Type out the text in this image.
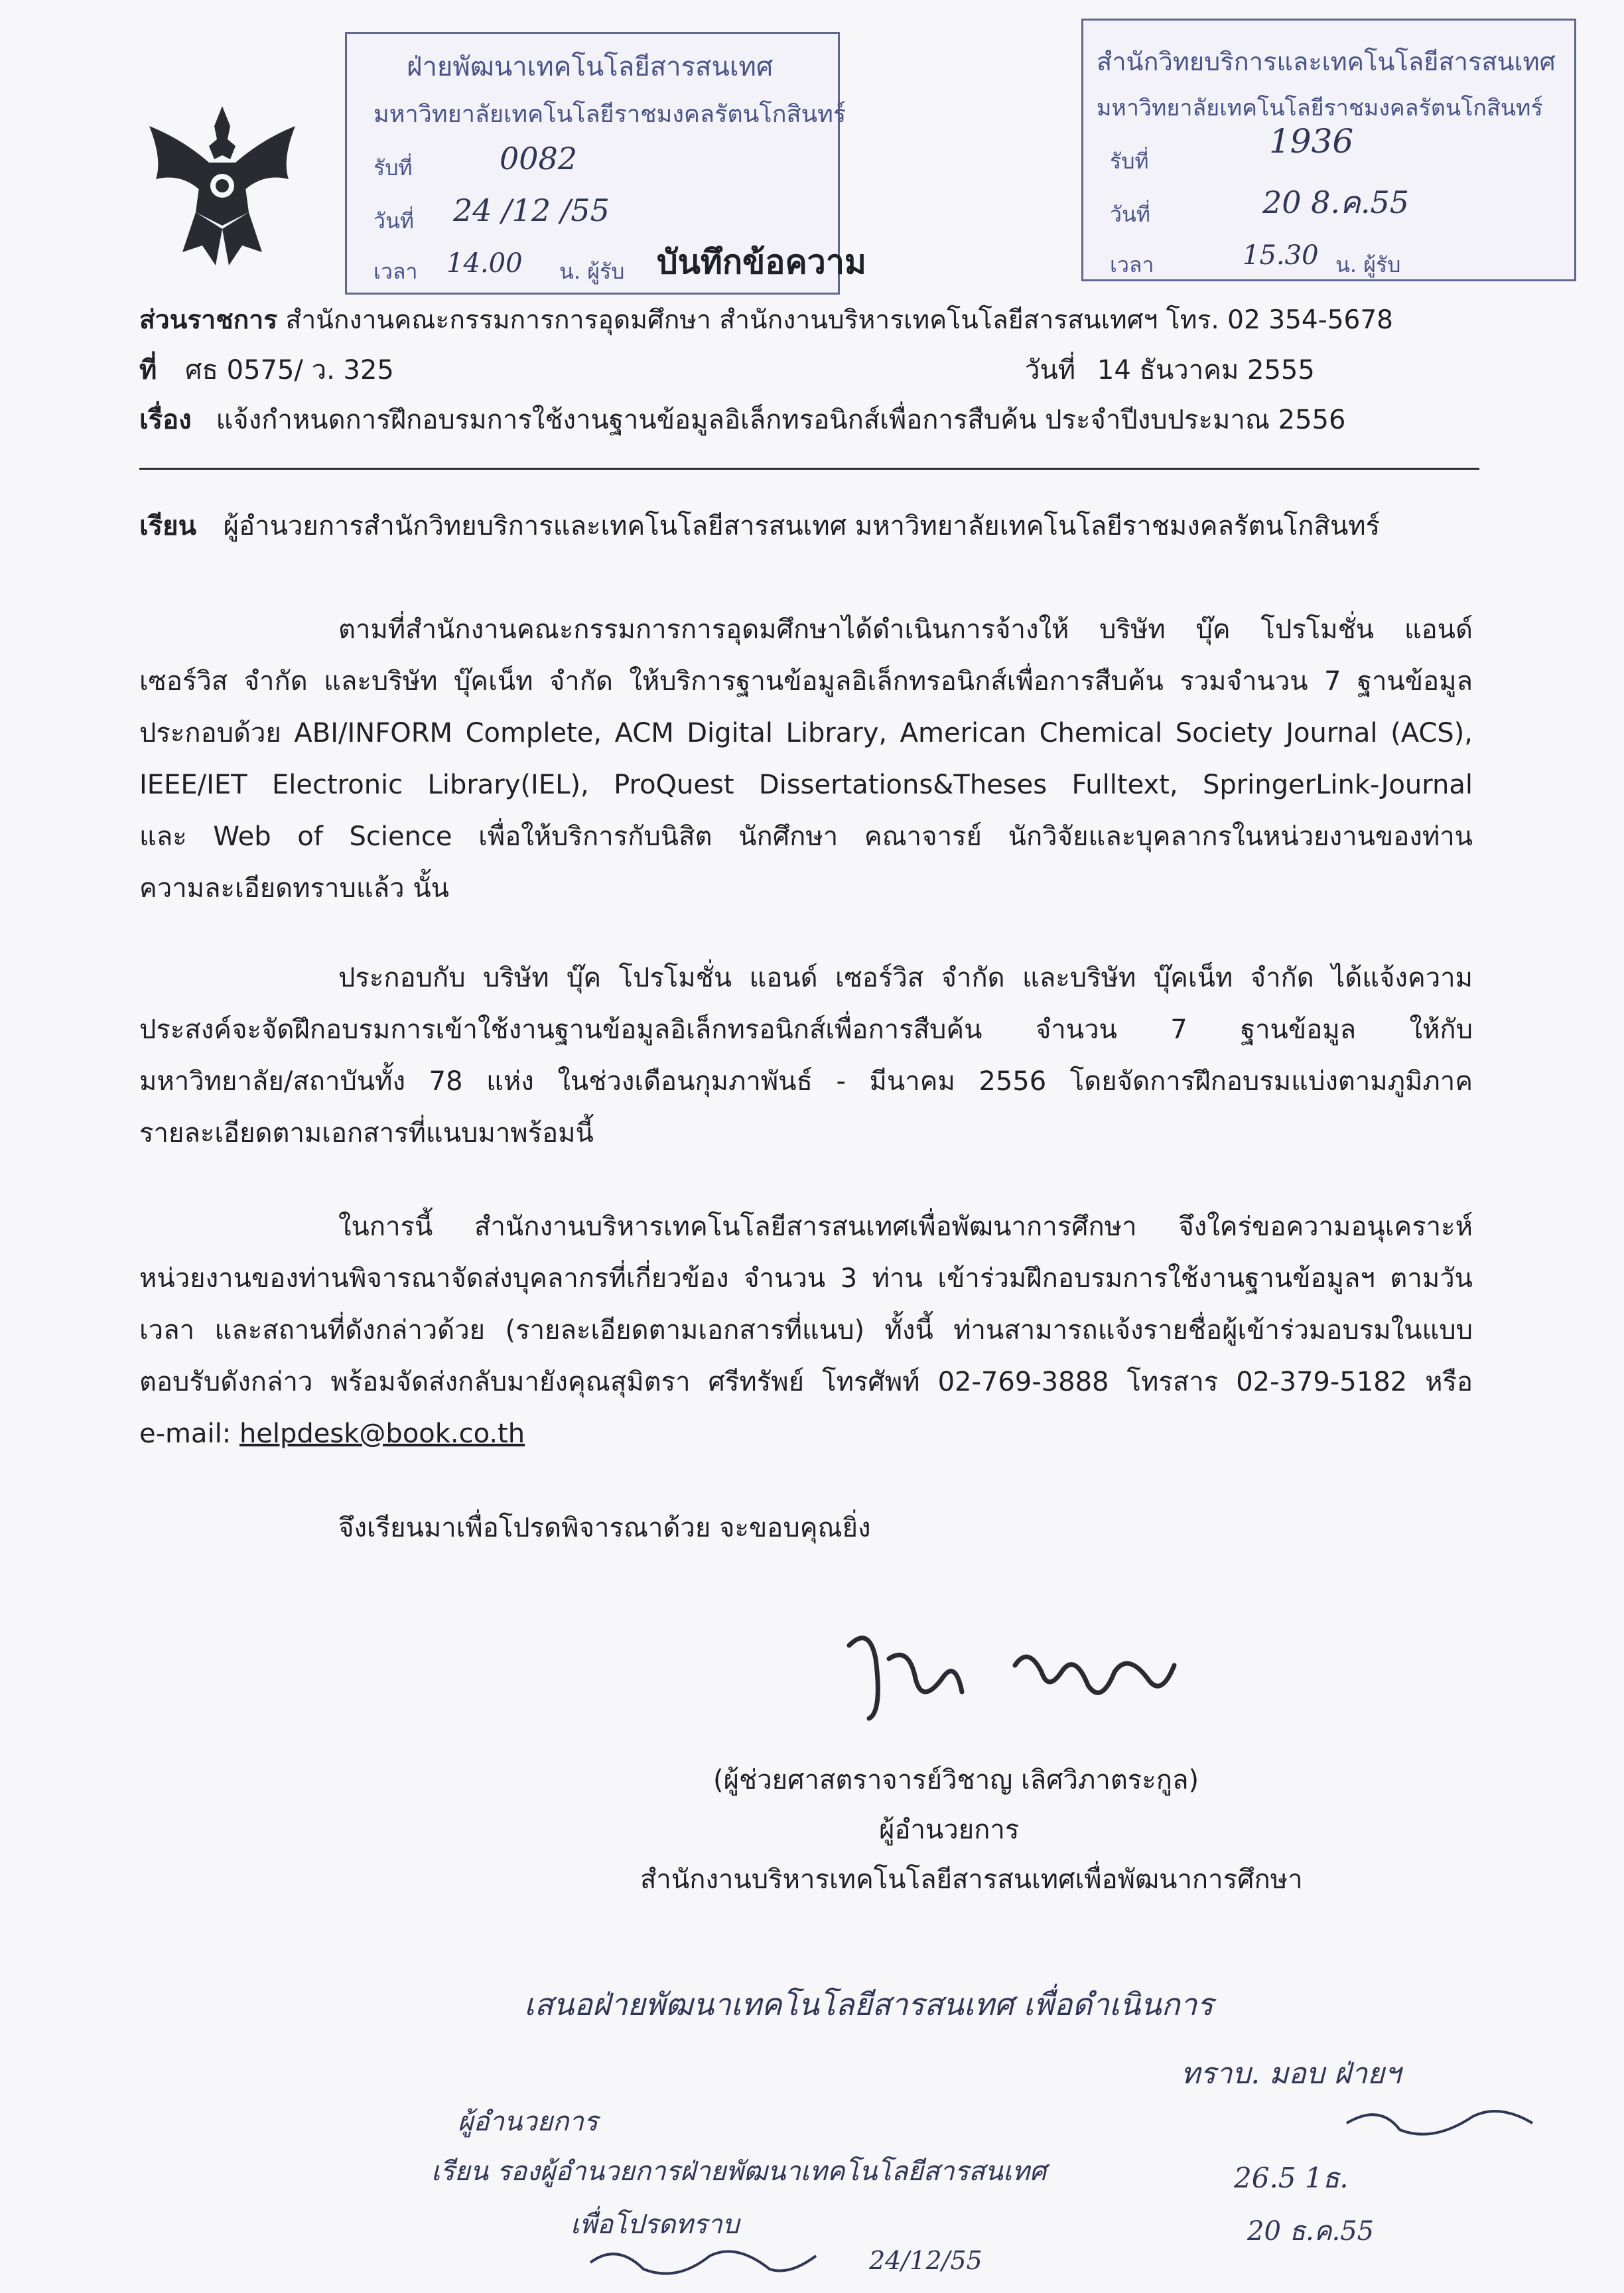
ฝ่ายพัฒนาเทคโนโลยีสารสนเทศ
มหาวิทยาลัยเทคโนโลยีราชมงคลรัตนโกสินทร์
รับที่	0082
วันที่ 24 /12 /55
เวลา 14.00 น. ผู้รับ บันทึกข้อความ
สำนักวิทยบริการและเทคโนโลยีสารสนเทศ
มหาวิทยาลัยเทคโนโลยีราชมงคลรัตนโกสินทร์
รับที่
1936
วันที่	20 8.ค.55
เวลา	15.30 น. ผู้รับ
ส่วนราชการ สำนักงานคณะกรรมการการอุดมศึกษา สำนักงานบริหารเทคโนโลยีสารสนเทศฯ โทร. 02 354-5678
ที่ ศธ 0575/ ว. 325	วันที่ 14 ธันวาคม 2555
เรื่อง แจ้งกำหนดการฝึกอบรมการใช้งานฐานข้อมูลอิเล็กทรอนิกส์เพื่อการสืบค้น ประจำปีงบประมาณ 2556
เรียน ผู้อำนวยการสำนักวิทยบริการและเทคโนโลยีสารสนเทศ มหาวิทยาลัยเทคโนโลยีราชมงคลรัตนโกสินทร์
ตามที่สำนักงานคณะกรรมการการอุดมศึกษาได้ดำเนินการจ้างให้ บริษัท บุ๊ค โปรโมชั่น แอนด์
เซอร์วิส จำกัด และบริษัท บุ๊คเน็ท จำกัด ให้บริการฐานข้อมูลอิเล็กทรอนิกส์เพื่อการสืบค้น รวมจำนวน 7 ฐานข้อมูล
ประกอบด้วย ABI/INFORM Complete, ACM Digital Library, American Chemical Society Journal (ACS),
IEEE/IET Electronic Library(IEL), ProQuest Dissertations&Theses Fulltext, SpringerLink-Journal
และ Web of Science เพื่อให้บริการกับนิสิต นักศึกษา คณาจารย์ นักวิจัยและบุคลากรในหน่วยงานของท่าน
ความละเอียดทราบแล้ว นั้น
ประกอบกับ บริษัท บุ๊ค โปรโมชั่น แอนด์ เซอร์วิส จำกัด และบริษัท บุ๊คเน็ท จำกัด ได้แจ้งความ
ประสงค์จะจัดฝึกอบรมการเข้าใช้งานฐานข้อมูลอิเล็กทรอนิกส์เพื่อการสืบค้น จำนวน 7 ฐานข้อมูล ให้กับ
มหาวิทยาลัย/สถาบันทั้ง 78 แห่ง ในช่วงเดือนกุมภาพันธ์ - มีนาคม 2556 โดยจัดการฝึกอบรมแบ่งตามภูมิภาค
รายละเอียดตามเอกสารที่แนบมาพร้อมนี้
ในการนี้ สำนักงานบริหารเทคโนโลยีสารสนเทศเพื่อพัฒนาการศึกษา จึงใคร่ขอความอนุเคราะห์
หน่วยงานของท่านพิจารณาจัดส่งบุคลากรที่เกี่ยวข้อง จำนวน 3 ท่าน เข้าร่วมฝึกอบรมการใช้งานฐานข้อมูลฯ ตามวัน
เวลา และสถานที่ดังกล่าวด้วย (รายละเอียดตามเอกสารที่แนบ) ทั้งนี้ ท่านสามารถแจ้งรายชื่อผู้เข้าร่วมอบรมในแบบ
ตอบรับดังกล่าว พร้อมจัดส่งกลับมายังคุณสุมิตรา ศรีทรัพย์ โทรศัพท์ 02-769-3888 โทรสาร 02-379-5182 หรือ
e-mail: helpdesk@book.co.th
จึงเรียนมาเพื่อโปรดพิจารณาด้วย จะขอบคุณยิ่ง
(ผู้ช่วยศาสตราจารย์วิชาญ เลิศวิภาตระกูล)
ผู้อำนวยการ
สำนักงานบริหารเทคโนโลยีสารสนเทศเพื่อพัฒนาการศึกษา
เสนอฝ่ายพัฒนาเทคโนโลยีสารสนเทศ เพื่อดำเนินการ
ทราบ. มอบ ฝ่ายฯ
ผู้อำนวยการ
เรียน รองผู้อำนวยการฝ่ายพัฒนาเทคโนโลยีสารสนเทศ
เพื่อโปรดทราบ
24/12/55
26.5 1ธ.
20 ธ.ค.55
